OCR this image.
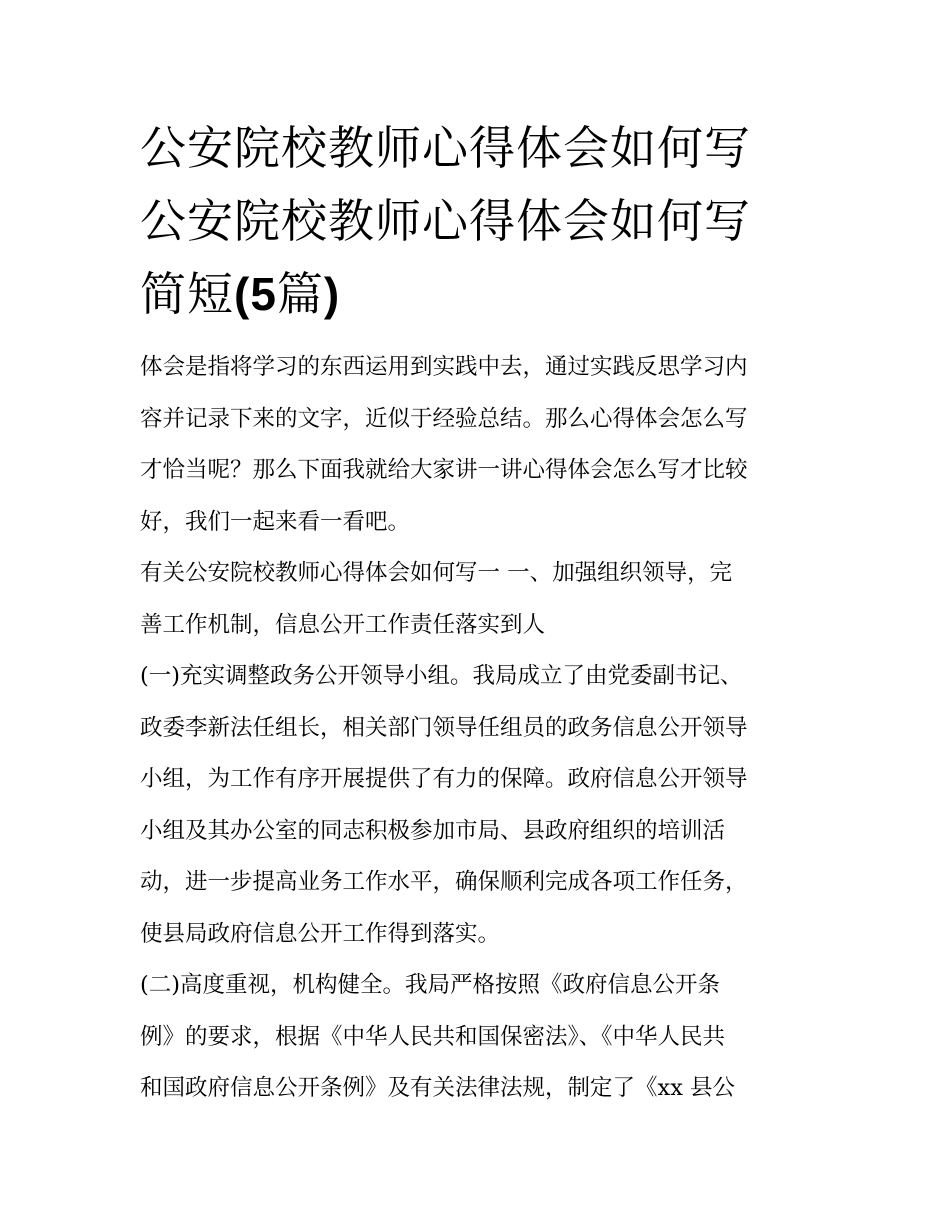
公安院校教师心得体会如何写
公安院校教师心得体会如何写
简短(5篇)

体会是指将学习的东西运用到实践中去，通过实践反思学习内
容并记录下来的文字，近似于经验总结。那么心得体会怎么写
才恰当呢？那么下面我就给大家讲一讲心得体会怎么写才比较
好，我们一起来看一看吧。

有关公安院校教师心得体会如何写一 一、加强组织领导，完
善工作机制，信息公开工作责任落实到人

(一)充实调整政务公开领导小组。我局成立了由党委副书记、
政委李新法任组长，相关部门领导任组员的政务信息公开领导
小组，为工作有序开展提供了有力的保障。政府信息公开领导
小组及其办公室的同志积极参加市局、县政府组织的培训活
动，进一步提高业务工作水平，确保顺利完成各项工作任务，
使县局政府信息公开工作得到落实。

(二)高度重视，机构健全。我局严格按照《政府信息公开条
例》的要求，根据《中华人民共和国保密法》、《中华人民共
和国政府信息公开条例》及有关法律法规，制定了《xx 县公
